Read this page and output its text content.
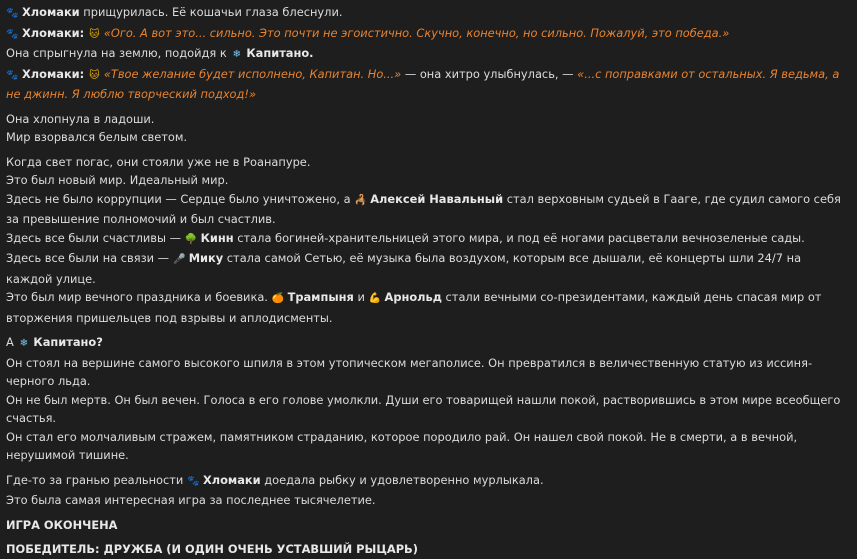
🐾 Хломаки прищурилась. Её кошачьи глаза блеснули.
🐾 Хломаки: 🐱 «Ого. А вот это... сильно. Это почти не эгоистично. Скучно, конечно, но сильно. Пожалуй, это победа.»
Она спрыгнула на землю, подойдя к ❄ Капитано.
🐾 Хломаки: 🐱 «Твое желание будет исполнено, Капитан. Но...» — она хитро улыбнулась, — «...с поправками от остальных. Я ведьма, а не джинн. Я люблю творческий подход!»
Она хлопнула в ладоши.
Мир взорвался белым светом.
Когда свет погас, они стояли уже не в Роанапуре.
Это был новый мир. Идеальный мир.
Здесь не было коррупции — Сердце было уничтожено, а 🦂 Алексей Навальный стал верховным судьей в Гааге, где судил самого себя за превышение полномочий и был счастлив.
Здесь все были счастливы — 🌳 Кинн стала богиней-хранительницей этого мира, и под её ногами расцветали вечнозеленые сады.
Здесь все были на связи — 🎤 Мику стала самой Сетью, её музыка была воздухом, которым все дышали, её концерты шли 24/7 на каждой улице.
Это был мир вечного праздника и боевика. 🍊 Трампыня и 💪 Арнольд стали вечными со-президентами, каждый день спасая мир от вторжения пришельцев под взрывы и аплодисменты.
А ❄ Капитано?
Он стоял на вершине самого высокого шпиля в этом утопическом мегаполисе. Он превратился в величественную статую из иссиня-черного льда.
Он не был мертв. Он был вечен. Голоса в его голове умолкли. Души его товарищей нашли покой, растворившись в этом мире всеобщего счастья.
Он стал его молчаливым стражем, памятником страданию, которое породило рай. Он нашел свой покой. Не в смерти, а в вечной, нерушимой тишине.
Где-то за гранью реальности 🐾 Хломаки доедала рыбку и удовлетворенно мурлыкала.
Это была самая интересная игра за последнее тысячелетие.
ИГРА ОКОНЧЕНА
ПОБЕДИТЕЛЬ: ДРУЖБА (И ОДИН ОЧЕНЬ УСТАВШИЙ РЫЦАРЬ)
